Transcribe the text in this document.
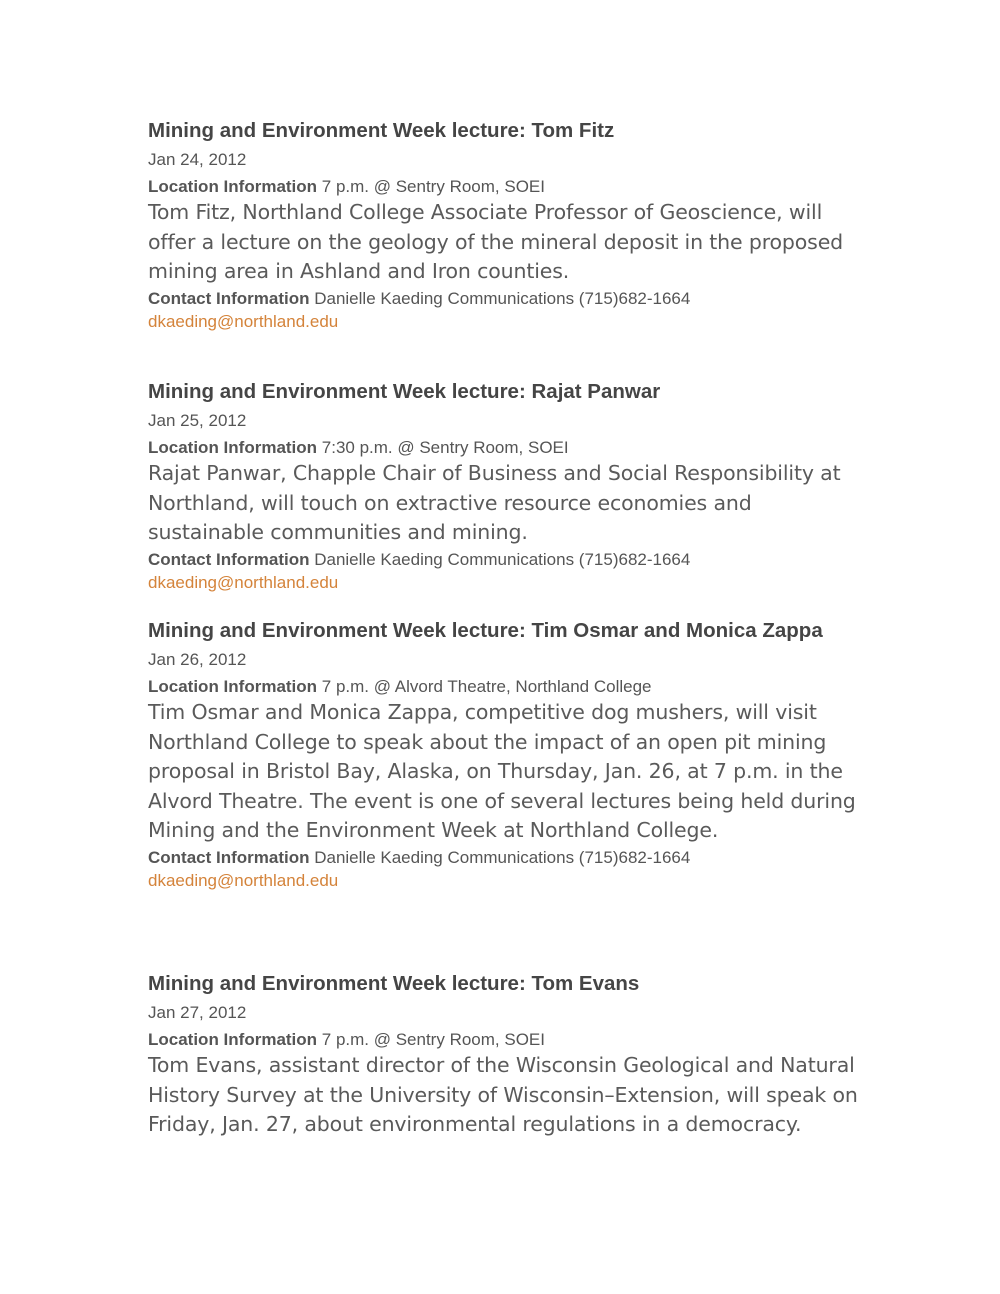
Mining and Environment Week lecture: Tom Fitz
Jan 24, 2012
Location Information 7 p.m. @ Sentry Room, SOEI

Tom Fitz, Northland College Associate Professor of Geoscience, will offer a lecture on the geology of the mineral deposit in the proposed mining area in Ashland and Iron counties.

Contact Information Danielle Kaeding Communications (715)682-1664 dkaeding@northland.edu
Mining and Environment Week lecture: Rajat Panwar
Jan 25, 2012
Location Information 7:30 p.m. @ Sentry Room, SOEI

Rajat Panwar, Chapple Chair of Business and Social Responsibility at Northland, will touch on extractive resource economies and sustainable communities and mining.

Contact Information Danielle Kaeding Communications (715)682-1664 dkaeding@northland.edu
Mining and Environment Week lecture: Tim Osmar and Monica Zappa
Jan 26, 2012
Location Information 7 p.m. @ Alvord Theatre, Northland College

Tim Osmar and Monica Zappa, competitive dog mushers, will visit Northland College to speak about the impact of an open pit mining proposal in Bristol Bay, Alaska, on Thursday, Jan. 26, at 7 p.m. in the Alvord Theatre. The event is one of several lectures being held during Mining and the Environment Week at Northland College.

Contact Information Danielle Kaeding Communications (715)682-1664 dkaeding@northland.edu
Mining and Environment Week lecture: Tom Evans
Jan 27, 2012
Location Information 7 p.m. @ Sentry Room, SOEI

Tom Evans, assistant director of the Wisconsin Geological and Natural History Survey at the University of Wisconsin–Extension, will speak on Friday, Jan. 27, about environmental regulations in a democracy.
